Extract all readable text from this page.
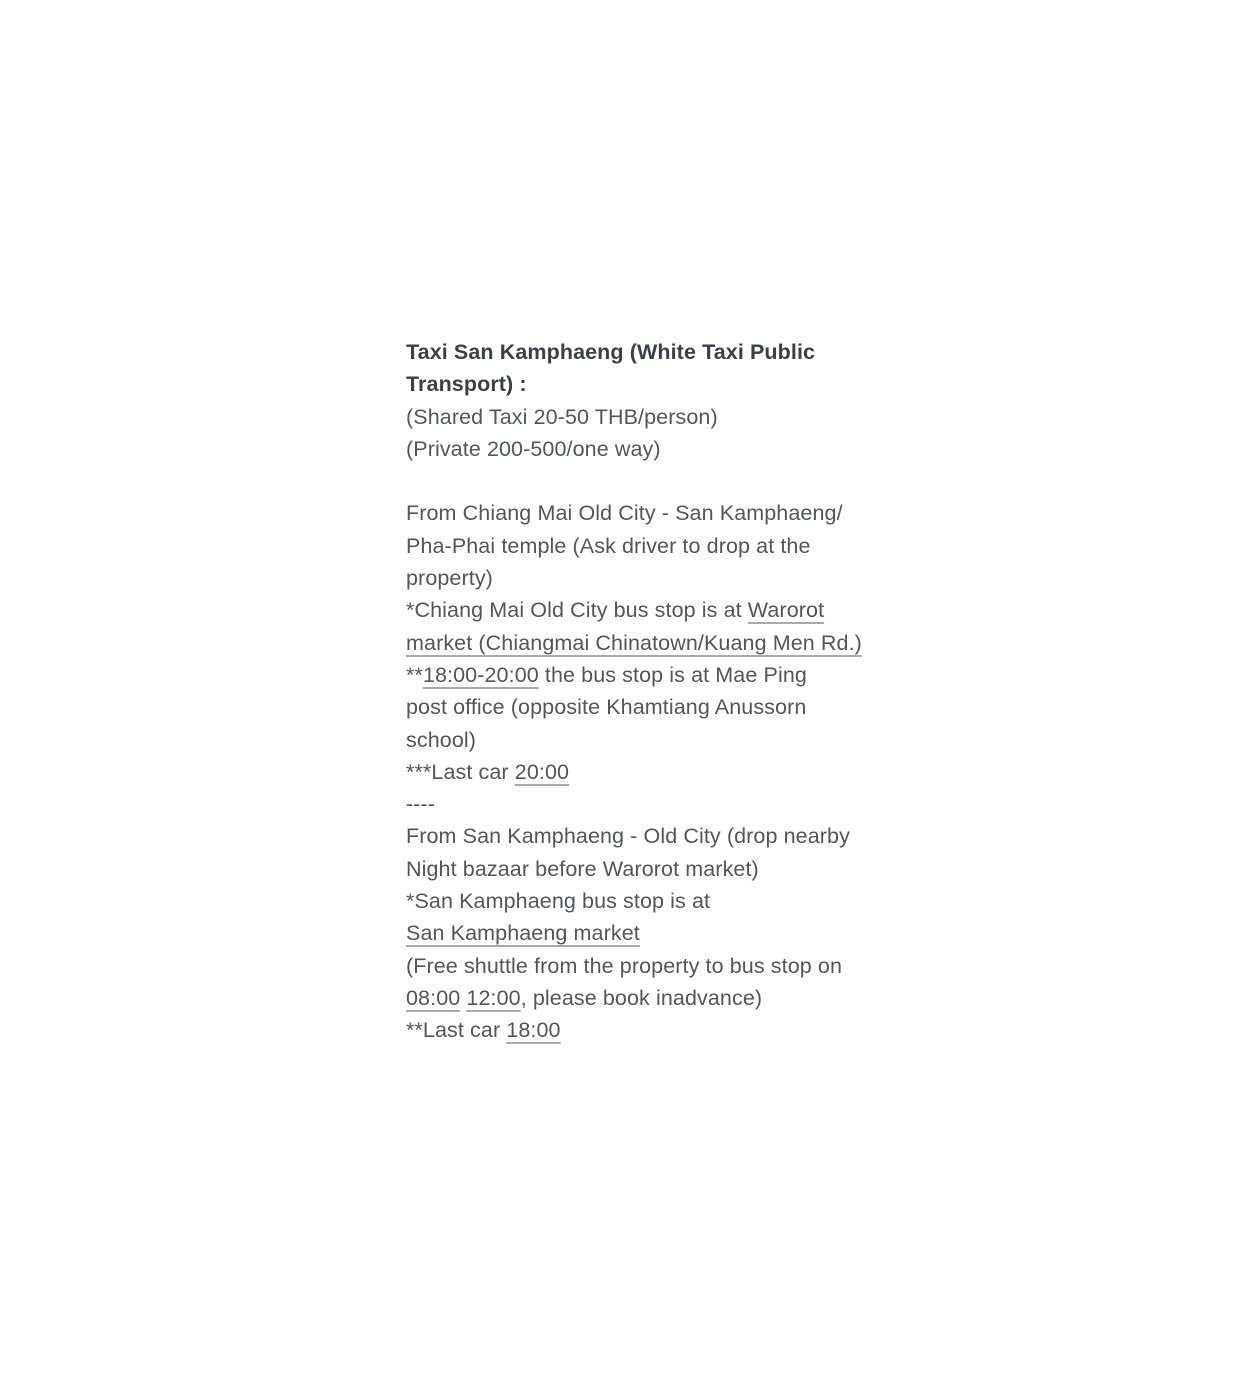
Taxi San Kamphaeng (White Taxi Public
Transport) :
(Shared Taxi 20-50 THB/person)
(Private 200-500/one way)
From Chiang Mai Old City - San Kamphaeng/
Pha-Phai temple (Ask driver to drop at the
property)
*Chiang Mai Old City bus stop is at Warorot
market (Chiangmai Chinatown/Kuang Men Rd.)
**18:00-20:00 the bus stop is at Mae Ping
post office (opposite Khamtiang Anussorn
school)
***Last car 20:00
----
From San Kamphaeng - Old City (drop nearby
Night bazaar before Warorot market)
*San Kamphaeng bus stop is at
San Kamphaeng market
(Free shuttle from the property to bus stop on
08:00 12:00, please book inadvance)
**Last car 18:00
